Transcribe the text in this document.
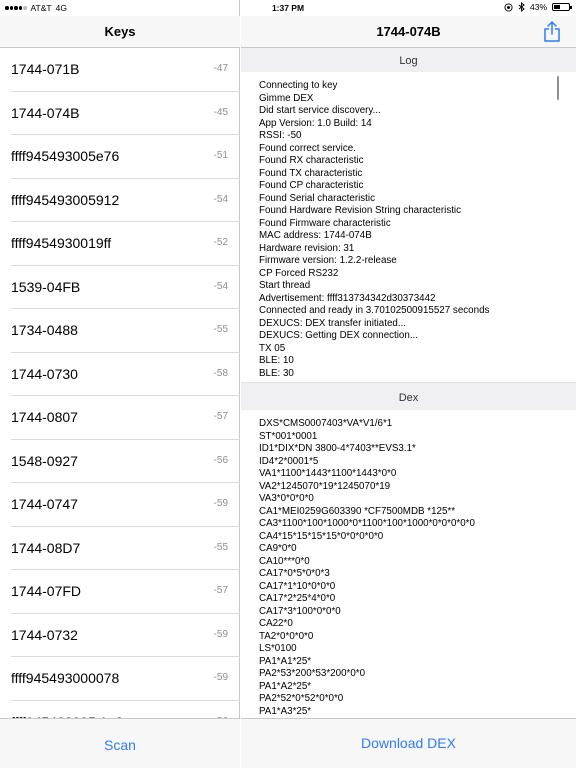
Keys
1744-071B	-47
1744-074B	-45
ffff945493005e76	-51
ffff945493005912	-54
ffff9454930019ff	-52
1539-04FB	-54
1734-0488	-55
1744-0730	-58
1744-0807	-57
1548-0927	-56
1744-0747	-59
1744-08D7	-55
1744-07FD	-57
1744-0732	-59
ffff945493000078	-59
Scan
1744-074B
Log
Connecting to key
Gimme DEX
Did start service discovery...
App Version: 1.0 Build: 14
RSSI: -50
Found correct service.
Found RX characteristic
Found TX characteristic
Found CP characteristic
Found Serial characteristic
Found Hardware Revision String characteristic
Found Firmware characteristic
MAC address: 1744-074B
Hardware revision: 31
Firmware version: 1.2.2-release
CP Forced RS232
Start thread
Advertisement: ffff313734342d30373442
Connected and ready in 3.70102500915527 seconds
DEXUCS: DEX transfer initiated...
DEXUCS: Getting DEX connection...
TX 05
BLE: 10
BLE: 30
Dex
DXS*CMS0007403*VA*V1/6*1
ST*001*0001
ID1*DIX*DN 3800-4*7403**EVS3.1*
ID4*2*0001*5
VA1*1100*1443*1100*1443*0*0
VA2*1245070*19*1245070*19
VA3*0*0*0*0
CA1*MEI0259G603390 *CF7500MDB *125**
CA3*1100*100*1000*0*1100*100*1000*0*0*0*0*0
CA4*15*15*15*15*0*0*0*0*0
CA9*0*0
CA10***0*0
CA17*0*5*0*0*3
CA17*1*10*0*0*0
CA17*2*25*4*0*0
CA17*3*100*0*0*0
CA22*0
TA2*0*0*0*0
LS*0100
PA1*A1*25*
PA2*53*200*53*200*0*0
PA1*A2*25*
PA2*52*0*52*0*0*0
PA1*A3*25*
Download DEX
AT&T 4G	1:37 PM	43%
